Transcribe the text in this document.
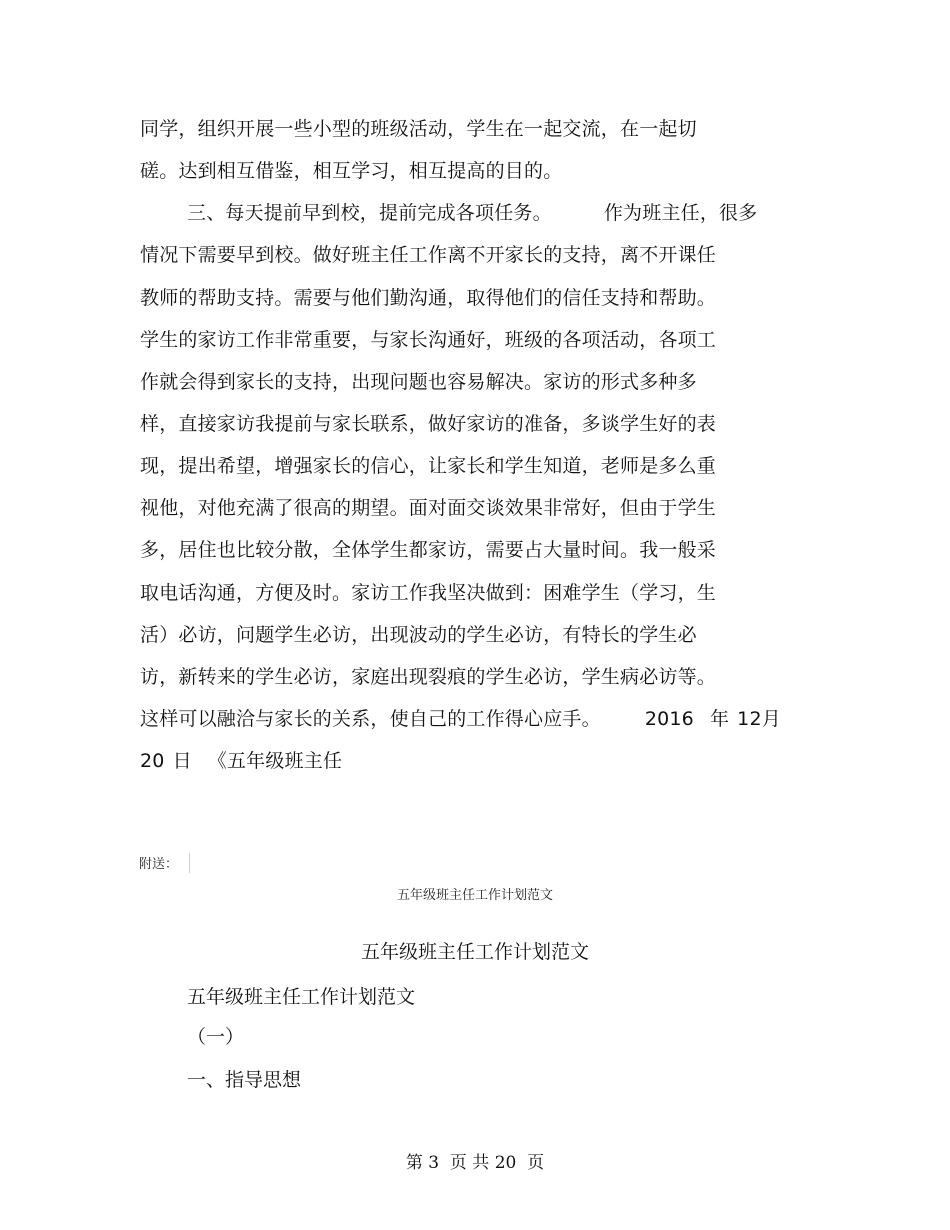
同学，组织开展一些小型的班级活动，学生在一起交流，在一起切
磋。达到相互借鉴，相互学习，相互提高的目的。
三、每天提前早到校，提前完成各项任务。	作为班主任，很多
情况下需要早到校。做好班主任工作离不开家长的支持，离不开课任
教师的帮助支持。需要与他们勤沟通，取得他们的信任支持和帮助。
学生的家访工作非常重要，与家长沟通好，班级的各项活动，各项工
作就会得到家长的支持，出现问题也容易解决。家访的形式多种多
样，直接家访我提前与家长联系，做好家访的准备，多谈学生好的表
现，提出希望，增强家长的信心，让家长和学生知道，老师是多么重
视他，对他充满了很高的期望。面对面交谈效果非常好，但由于学生
多，居住也比较分散，全体学生都家访，需要占大量时间。我一般采
取电话沟通，方便及时。家访工作我坚决做到：困难学生（学习，生
活）必访，问题学生必访，出现波动的学生必访，有特长的学生必
访，新转来的学生必访，家庭出现裂痕的学生必访，学生病必访等。
这样可以融洽与家长的关系，使自己的工作得心应手。 2016 年 12月
20 日 《五年级班主任
附送：
五年级班主任工作计划范文
五年级班主任工作计划范文
五年级班主任工作计划范文
（一）
一、指导思想
第 3  页 共 20  页
